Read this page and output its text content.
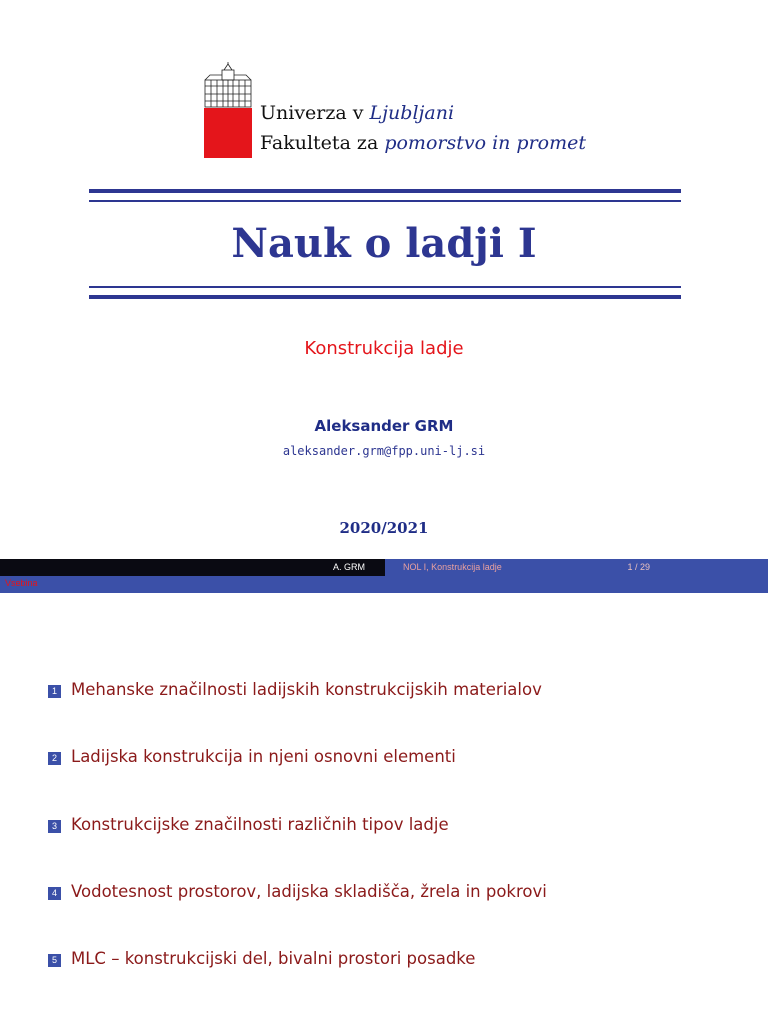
Univerza v Ljubljani
Fakulteta za pomorstvo in promet
Nauk o ladji I
Konstrukcija ladje
Aleksander GRM
aleksander.grm@fpp.uni-lj.si
2020/2021
A. GRM	NOL I, Konstrukcija ladje	1 / 29
Vsebina
1 Mehanske značilnosti ladijskih konstrukcijskih materialov
2 Ladijska konstrukcija in njeni osnovni elementi
3 Konstrukcijske značilnosti različnih tipov ladje
4 Vodotesnost prostorov, ladijska skladišča, žrela in pokrovi
5 MLC – konstrukcijski del, bivalni prostori posadke
